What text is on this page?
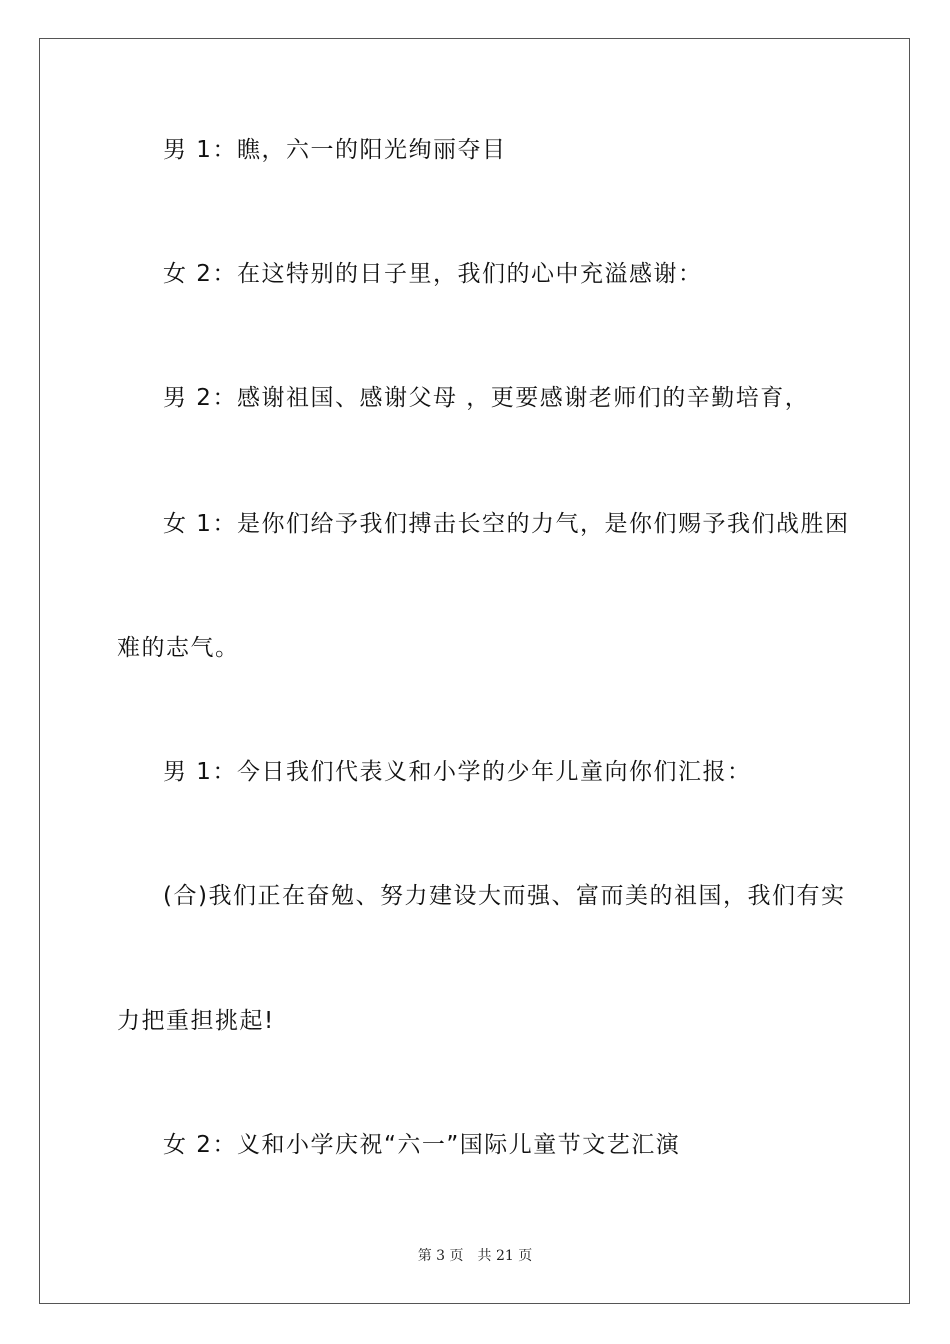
男 1：瞧，六一的阳光绚丽夺目
女 2：在这特别的日子里，我们的心中充溢感谢：
男 2：感谢祖国、感谢父母 ，更要感谢老师们的辛勤培育，
女 1：是你们给予我们搏击长空的力气，是你们赐予我们战胜困
难的志气。
男 1：今日我们代表义和小学的少年儿童向你们汇报：
(合)我们正在奋勉、努力建设大而强、富而美的祖国，我们有实
力把重担挑起!
女 2：义和小学庆祝“六一”国际儿童节文艺汇演
第 3 页 共 21 页
